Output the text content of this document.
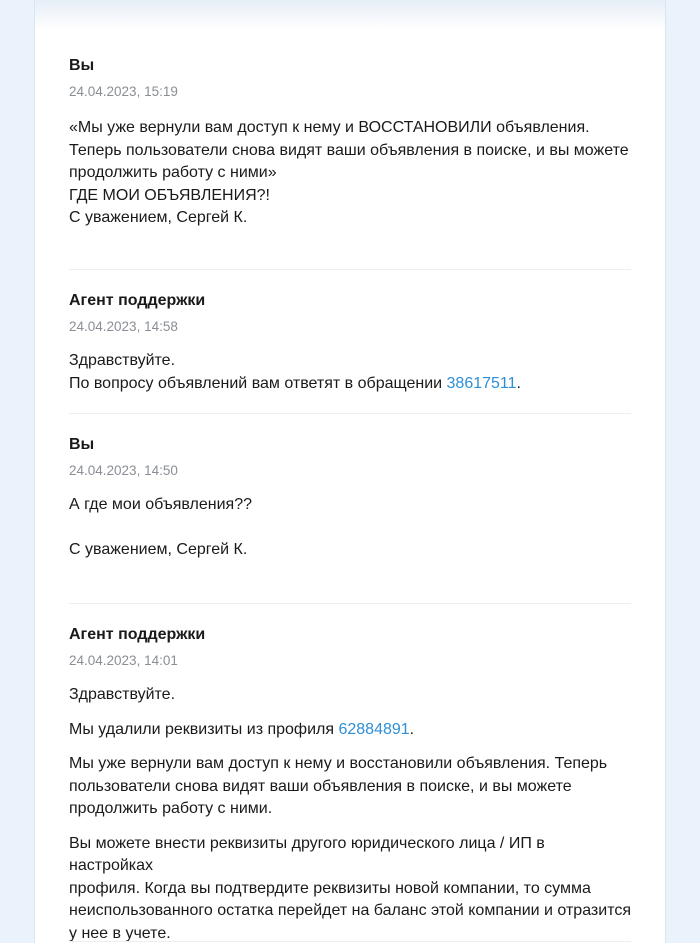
Вы
24.04.2023, 15:19

«Мы уже вернули вам доступ к нему и ВОССТАНОВИЛИ объявления.

Теперь пользователи снова видят ваши объявления в поиске, и вы можете

продолжить работу с ними»

ГДЕ МОИ ОБЪЯВЛЕНИЯ?!

С уважением, Сергей К.

Агент поддержки
24.04.2023, 14:58

Здравствуйте.

По вопросу объявлений вам ответят в обращении 38617511.

Вы
24.04.2023, 14:50

А где мои объявления??

С уважением, Сергей К.

Агент поддержки
24.04.2023, 14:01

Здравствуйте.

Мы удалили реквизиты из профиля 62884891.

Мы уже вернули вам доступ к нему и восстановили объявления. Теперь

пользователи снова видят ваши объявления в поиске, и вы можете

продолжить работу с ними.

Вы можете внести реквизиты другого юридического лица / ИП в настройках

профиля. Когда вы подтвердите реквизиты новой компании, то сумма

неиспользованного остатка перейдет на баланс этой компании и отразится

у нее в учете.
